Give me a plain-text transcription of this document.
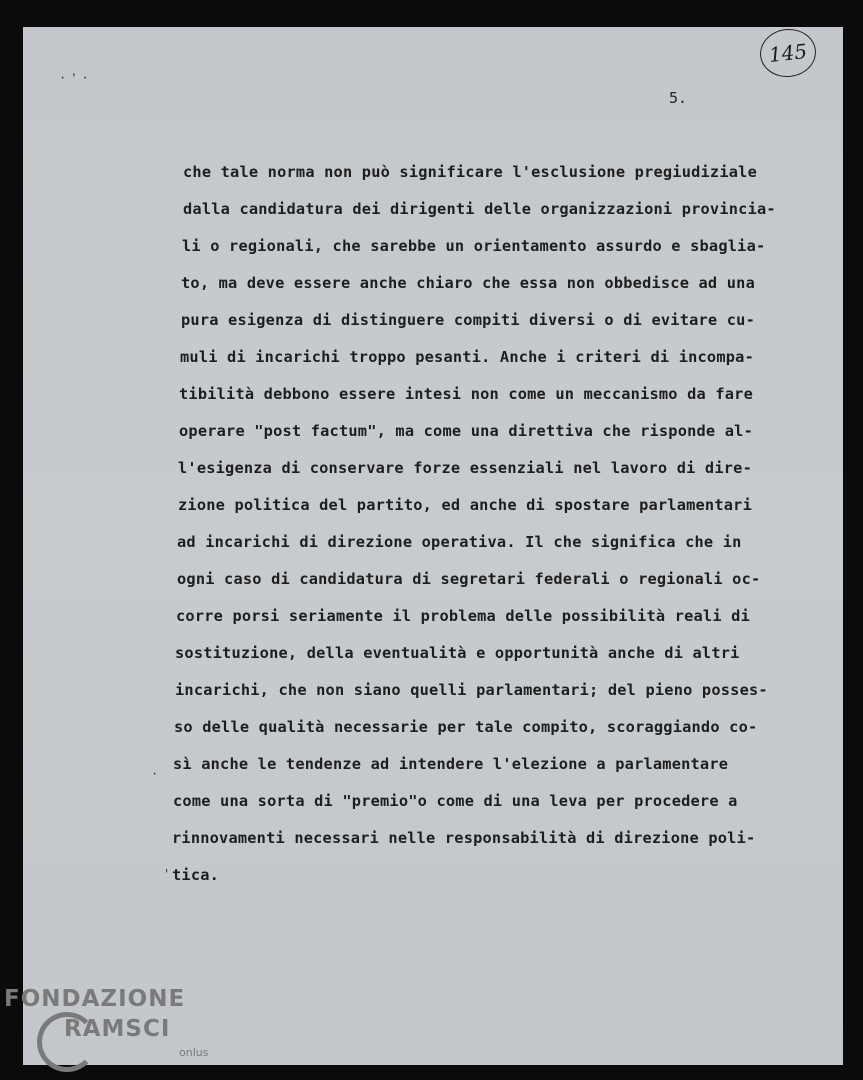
145
5.
·'·
·
'
che tale norma non può significare l'esclusione pregiudiziale
dalla candidatura dei dirigenti delle organizzazioni provincia-
li o regionali, che sarebbe un orientamento assurdo e sbaglia-
to, ma deve essere anche chiaro che essa non obbedisce ad una
pura esigenza di distinguere compiti diversi o di evitare cu-
muli di incarichi troppo pesanti. Anche i criteri di incompa-
tibilità debbono essere intesi non come un meccanismo da fare
operare "post factum", ma come una direttiva che risponde al-
l'esigenza di conservare forze essenziali nel lavoro di dire-
zione politica del partito, ed anche di spostare parlamentari
ad incarichi di direzione operativa. Il che significa che in
ogni caso di candidatura di segretari federali o regionali oc-
corre porsi seriamente il problema delle possibilità reali di
sostituzione, della eventualità e opportunità anche di altri
incarichi, che non siano quelli parlamentari; del pieno posses-
so delle qualità necessarie per tale compito, scoraggiando co-
sì anche le tendenze ad intendere l'elezione a parlamentare
come una sorta di "premio"o come di una leva per procedere a
rinnovamenti necessari nelle responsabilità di direzione poli-
tica.
FONDAZIONE
RAMSCI
onlus
